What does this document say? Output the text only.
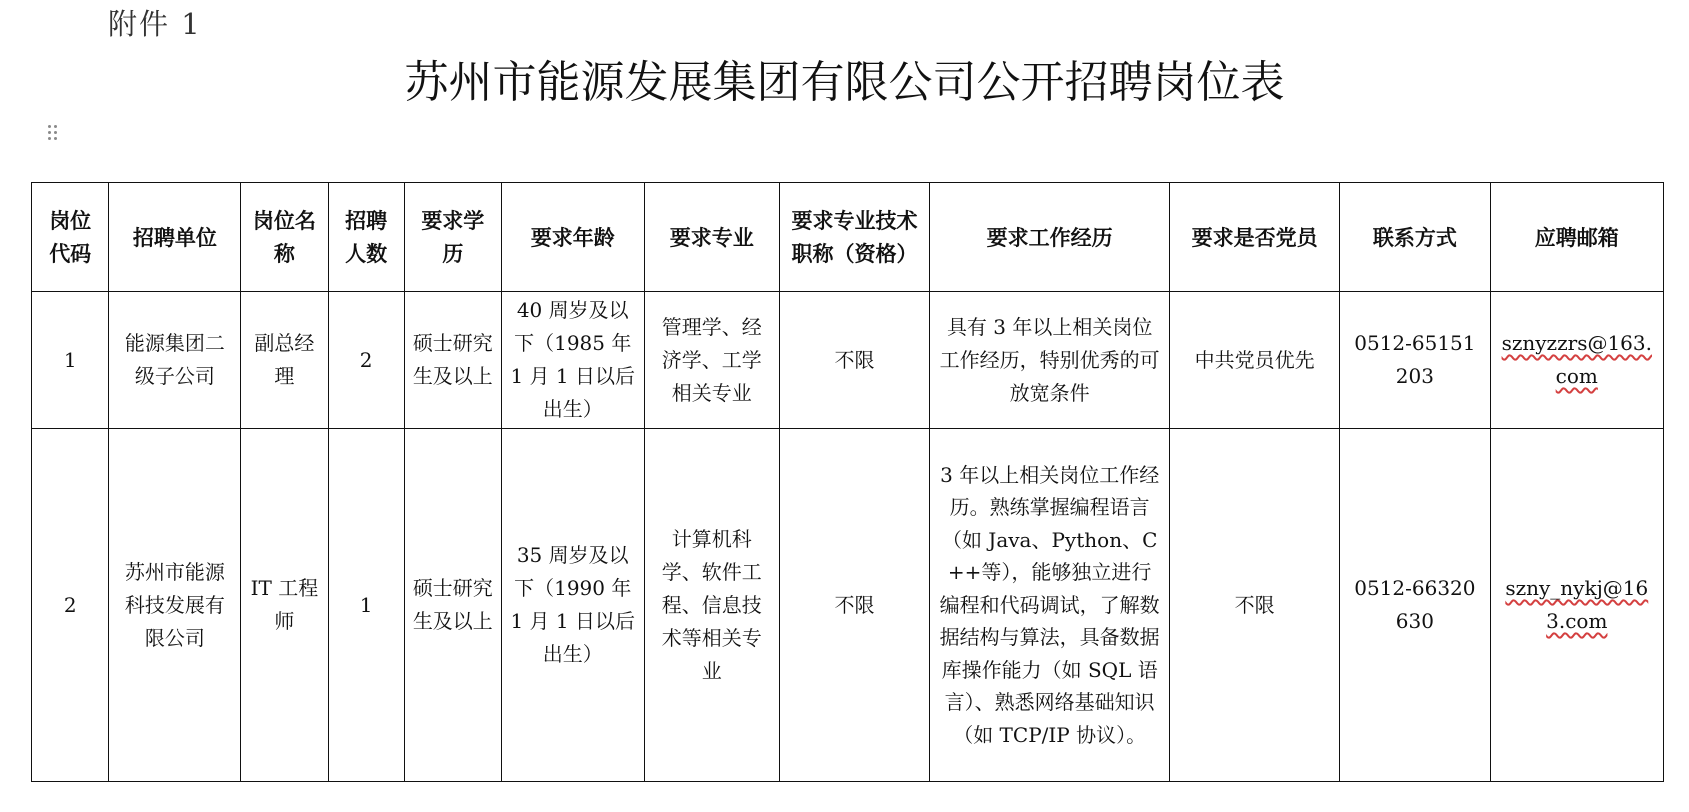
附件 1
苏州市能源发展集团有限公司公开招聘岗位表
岗位代码	招聘单位	岗位名称	招聘人数	要求学历	要求年龄	要求专业	要求专业技术职称（资格）	要求工作经历	要求是否党员	联系方式	应聘邮箱
1	能源集团二级子公司	副总经理	2	硕士研究生及以上	40 周岁及以下（1985 年 1 月 1 日以后出生）	管理学、经济学、工学相关专业	不限	具有 3 年以上相关岗位工作经历，特别优秀的可放宽条件	中共党员优先	0512-65151203	sznyzzrs@163.com
2	苏州市能源科技发展有限公司	IT 工程师	1	硕士研究生及以上	35 周岁及以下（1990 年 1 月 1 日以后出生）	计算机科学、软件工程、信息技术等相关专业	不限	3 年以上相关岗位工作经历。熟练掌握编程语言（如 Java、Python、C++等），能够独立进行编程和代码调试，了解数据结构与算法，具备数据库操作能力（如 SQL 语言）、熟悉网络基础知识（如 TCP/IP 协议）。	不限	0512-66320630	szny_nykj@163.com
